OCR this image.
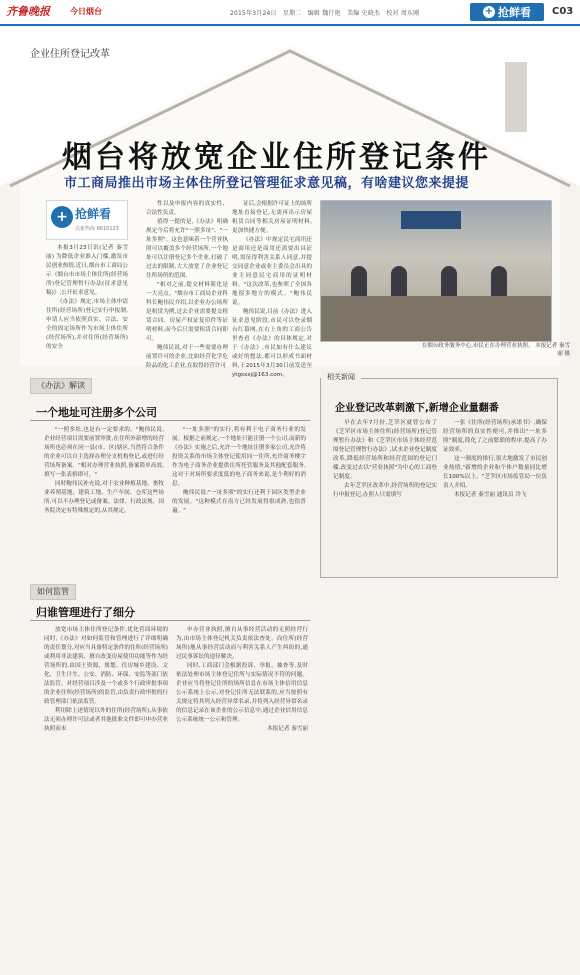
齐鲁晚报	今日烟台	2015年3月24日　星期二　编辑 魏行艳　美编 史晓杰　校对 周东刚	+ 抢鲜看 C03
企业住所登记改革
烟台将放宽企业住所登记条件
市工商局推出市场主体住所登记管理征求意见稿，有啥建议您来提提
+ 抢鲜看
点新热线 6610123

本报3月23日讯(记者 秦雪丽) 为降低企业准入门槛,激发市民创业热情,近日,烟台市工商局公示《烟台市市场主体住所(经营场所)登记管理暂行办法(征求意见稿)》,公开征求意见。

《办法》规定,市场主体申请住所(经营场所)登记实行申报制,申请人应当依照真实、合法、安全的固定场所作为市场主体住所(经营场所),并对住所(经营场所)的安全

性以及申报内容的真实性、合法性负责。

值得一提的是,《办法》明确规定今后将允许"一照多址"、"一址多照"。这也意味着一个营业执照可以覆盖多个经营场所,一个地址可以注册登记多个企业,打破了过去的限制,大大放宽了企业登记住所场所的范围。

"相对之前,提交材料简化是一大亮点。"烟台市工商局企业科科长鲍伟民介绍,以企业办公场所是租赁为例,过去企业需要提交租赁合同、房屋产权证复印件等证明材料,而今后只需要租赁合同即可。

鲍伟民说,对于一些需要办理前置许可的企业,比如经营化学危险品的化工企业,在取得经营许可

证后,会根据许可证上的场所地址直接登记,无需再出示房屋租赁合同等相关房屋证明材料,更加快捷方便。

《办法》中规定民宅商用还是商用还是商用还需要出具证明,需征得利害关系人同意,并提交同意企业或业主委员会出具的业主同意民宅商用的证明材料。"这次改革,也参照了全国各地很多地方的模式。"鲍伟民说。

鲍伟民说,目前《办法》进入征求意见阶段,市民可以登录烟台红幕网,在右上角的工商公告里查看《办法》的具体规定,对于《办法》,市民如有什么建议或好的想法,都可以形成书面材料,于2015年3月30日前发送至ytgsxxj@163.com。

在烟台政务服务中心,市民正在办理营业执照。 本报记者 秦雪丽 摄
《办法》解读
一个地址可注册多个公司

"一照多址,也是有一定要求的。"鲍伟民说,企业经营项目需要前置审批,在住所外新增的经营场所也必须在同一县(市、区)辖区,当然符合条件的企业可以自主选择办理分支机构登记,或进行经营场所备案。"相对办理营业执照,备案简单高效,填写一张表格即可。"

同时鲍伟民补充说,对于农业种植基地、畜牧业养殖基地、建筑工地、生产车间、仓库这些场所,可以不办理登记或备案。法律、行政法规、国务院决定有特殊规定的,从其规定。

"一址多照"的实行,将有利于电子商务行业的发展。根据之前规定,一个地址只能注册一个公司,而新的《办法》实施之后,允许一个地址注册多家公司,允许将投资关系的市场主体登记使用同一住所,允许商务楼宇作为电子商务企业提供住所托管服务及其他配套服务,这对于对场所要求度低的电子商务来说,是个利好的消息。

鲍伟民说:"一址多照"的实行还利于园区类型企业的发展。"这种模式在南方已经发展得很成熟,也很普遍。"

相关新闻
企业登记改革刺激下,新增企业量翻番

早在去年7月份,芝罘区就曾公布了《芝罘区市场主体住所(经营场所)登记管理暂行办法》和《芝罘区市场主体经营范围登记管理暂行办法》,试水企业登记制度改革,降低经营场所和经营范围的登记门槛,改变过去以"营业执照"为中心的工商登记制度。

去年芝罘区改革中,经营场所的登记实行申报登记,办照人只需填写

一张《住所(经营场所)承诺书》,确保经营场所的真实性便可,并推出"一址多照"制度,简化了之前繁琐的程序,提高了办证效率。

这一制度的推行,很大地激发了市民创业热情,"新增的企业和个体户数量同比增长100%以上。"芝罘区市场监管局一位负责人介绍。

本报记者 秦雪丽 通讯员 冷飞

如何监管
归谁管理进行了细分

放宽市场主体住所登记条件,优化营商环境的同时,《办法》对如何监管和管理进行了详细明确的责任划分,对应当具备特定条件的住所(经营场所)或利用非法建筑、擅自改变房屋使用功能等作为经营场所的,由国土资源、规划、住房城乡建设、文化、卫生计生、公安、消防、环保、安监等部门依法监管。对经营项目涉及一个或多个行政审批事项的企业住所(经营场所)的监管,由负责行政审批的行政管理部门依法监管。

利用除上述情况以外的住所(经营场所),从事依法无须办理许可证或者其他批准文件即可申办营业执照而未

申办营业执照,擅自从事经营活动的无照经营行为,由市场主体登记机关负责依法查处。而住所(经营场所)地从事经营活动而与利害关系人产生纠纷的,通过民事诉讼的途径解决。

同时,工商部门会根据投诉、举报、抽查等,及时依法处理市场主体登记住所与实际情况不符的问题。企业应当将登记住所的场所信息在市场主体信用信息公示系统上公示,对登记住所无法联系的,应当按照有关规定将其列入经营异常名录,并将列入经营异常名录的信息记录在该企业的公示信息中,通过企业信用信息公示系统统一公示和管理。

本报记者 秦雪丽
